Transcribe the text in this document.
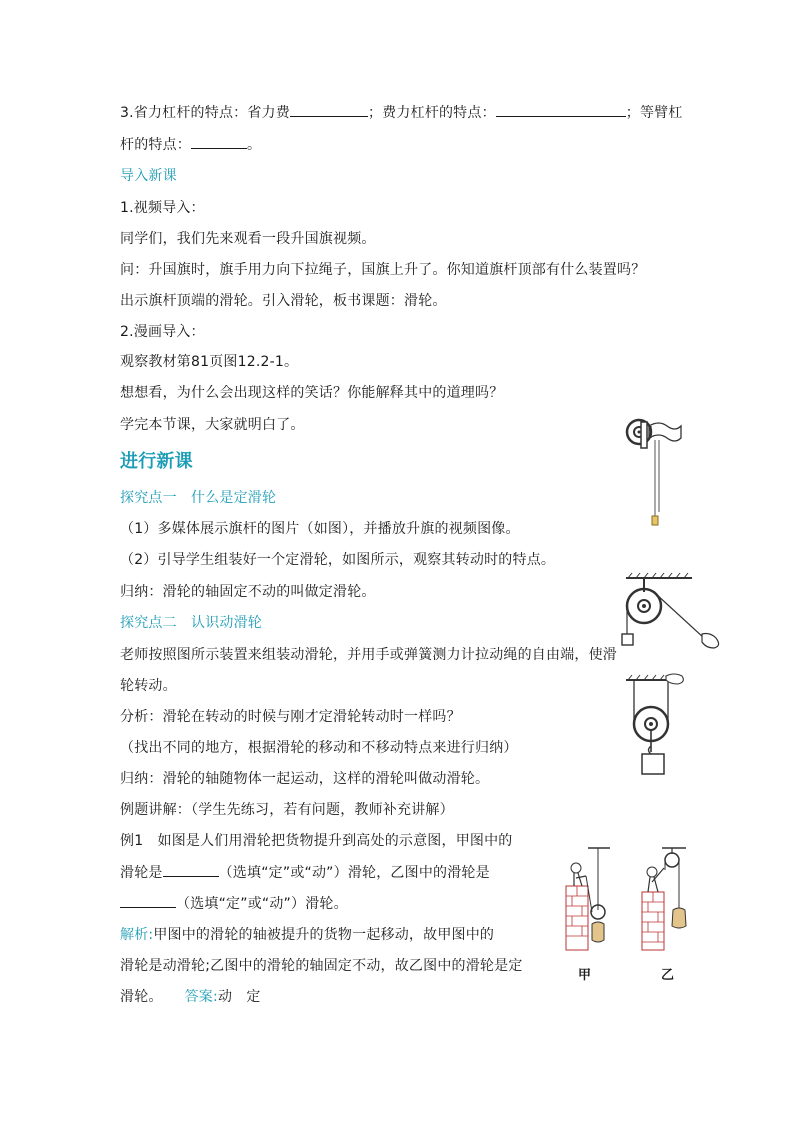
3.省力杠杆的特点：省力费	；费力杠杆的特点：	；等臂杠
杆的特点：	。
导入新课
1.视频导入：
同学们，我们先来观看一段升国旗视频。
问：升国旗时，旗手用力向下拉绳子，国旗上升了。你知道旗杆顶部有什么装置吗？
出示旗杆顶端的滑轮。引入滑轮，板书课题：滑轮。
2.漫画导入：
观察教材第81页图12.2-1。
想想看，为什么会出现这样的笑话？你能解释其中的道理吗？
学完本节课，大家就明白了。
进行新课
探究点一　什么是定滑轮
（1）多媒体展示旗杆的图片（如图），并播放升旗的视频图像。
（2）引导学生组装好一个定滑轮，如图所示，观察其转动时的特点。
归纳：滑轮的轴固定不动的叫做定滑轮。
探究点二　认识动滑轮
老师按照图所示装置来组装动滑轮，并用手或弹簧测力计拉动绳的自由端，使滑
轮转动。
分析：滑轮在转动的时候与刚才定滑轮转动时一样吗？
（找出不同的地方，根据滑轮的移动和不移动特点来进行归纳）
归纳：滑轮的轴随物体一起运动，这样的滑轮叫做动滑轮。
例题讲解：（学生先练习，若有问题，教师补充讲解）
例1　如图是人们用滑轮把货物提升到高处的示意图，甲图中的
滑轮是	（选填“定”或“动”）滑轮，乙图中的滑轮是
（选填“定”或“动”）滑轮。
解析:甲图中的滑轮的轴被提升的货物一起移动，故甲图中的
滑轮是动滑轮;乙图中的滑轮的轴固定不动，故乙图中的滑轮是定
滑轮。 答案:动　定
甲	乙
